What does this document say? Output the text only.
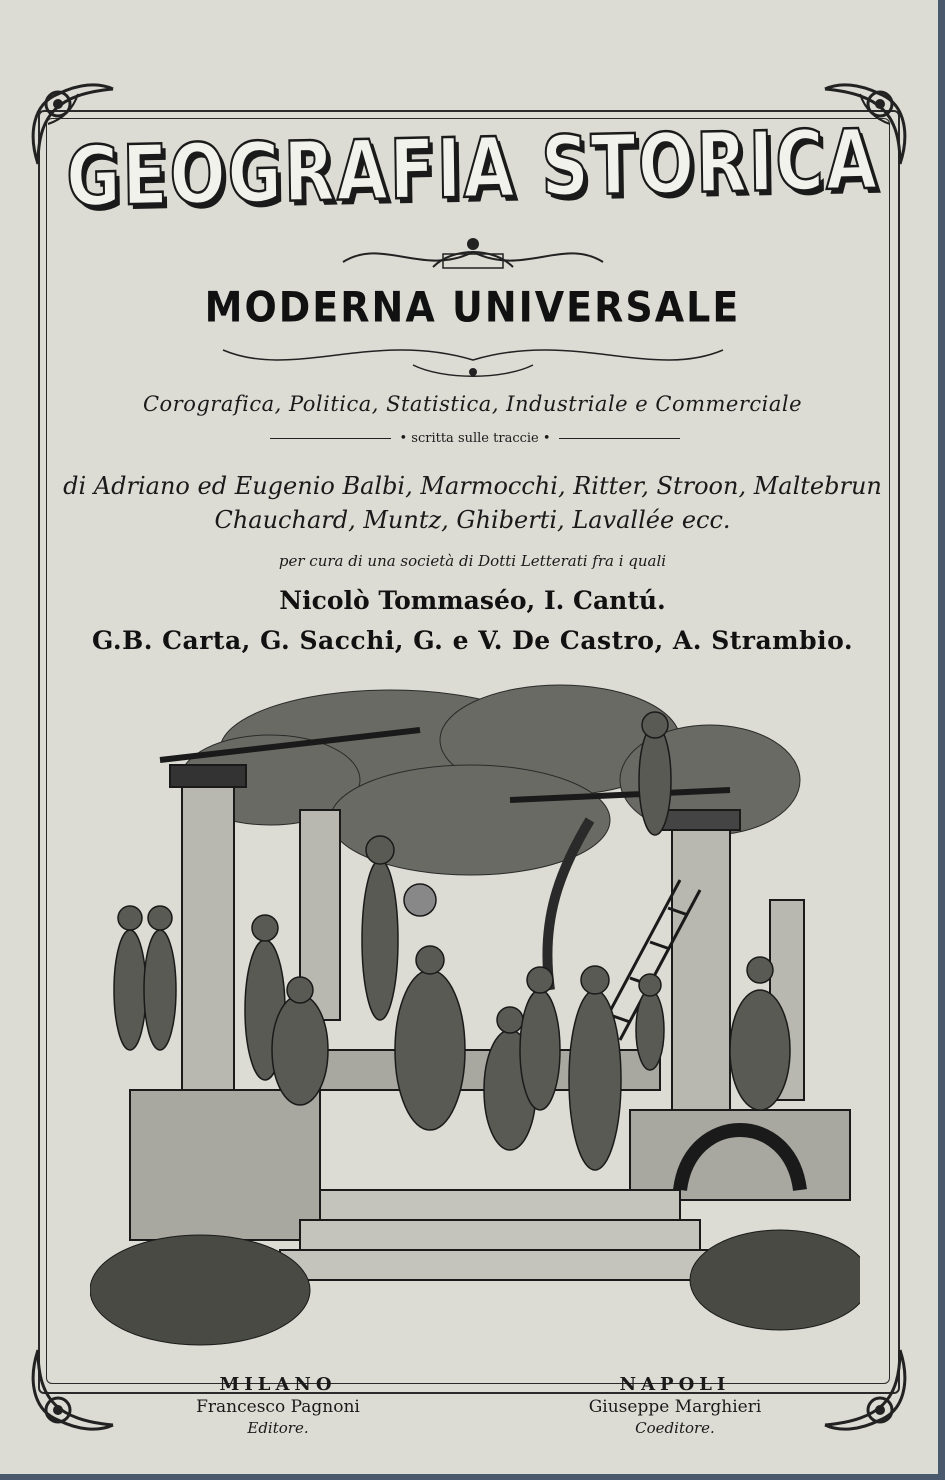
GEOGRAFIA STORICA
MODERNA UNIVERSALE
Corografica, Politica, Statistica, Industriale e Commerciale
• scritta sulle traccie •
di Adriano ed Eugenio Balbi, Marmocchi, Ritter, Stroon, Maltebrun
Chauchard, Muntz, Ghiberti, Lavallée ecc.
per cura di una società di Dotti Letterati fra i quali
Nicolò Tommaséo, I. Cantú.
G.B. Carta, G. Sacchi, G. e V. De Castro, A. Strambio.
MILANO
Francesco Pagnoni
Editore.
NAPOLI
Giuseppe Marghieri
Coeditore.
